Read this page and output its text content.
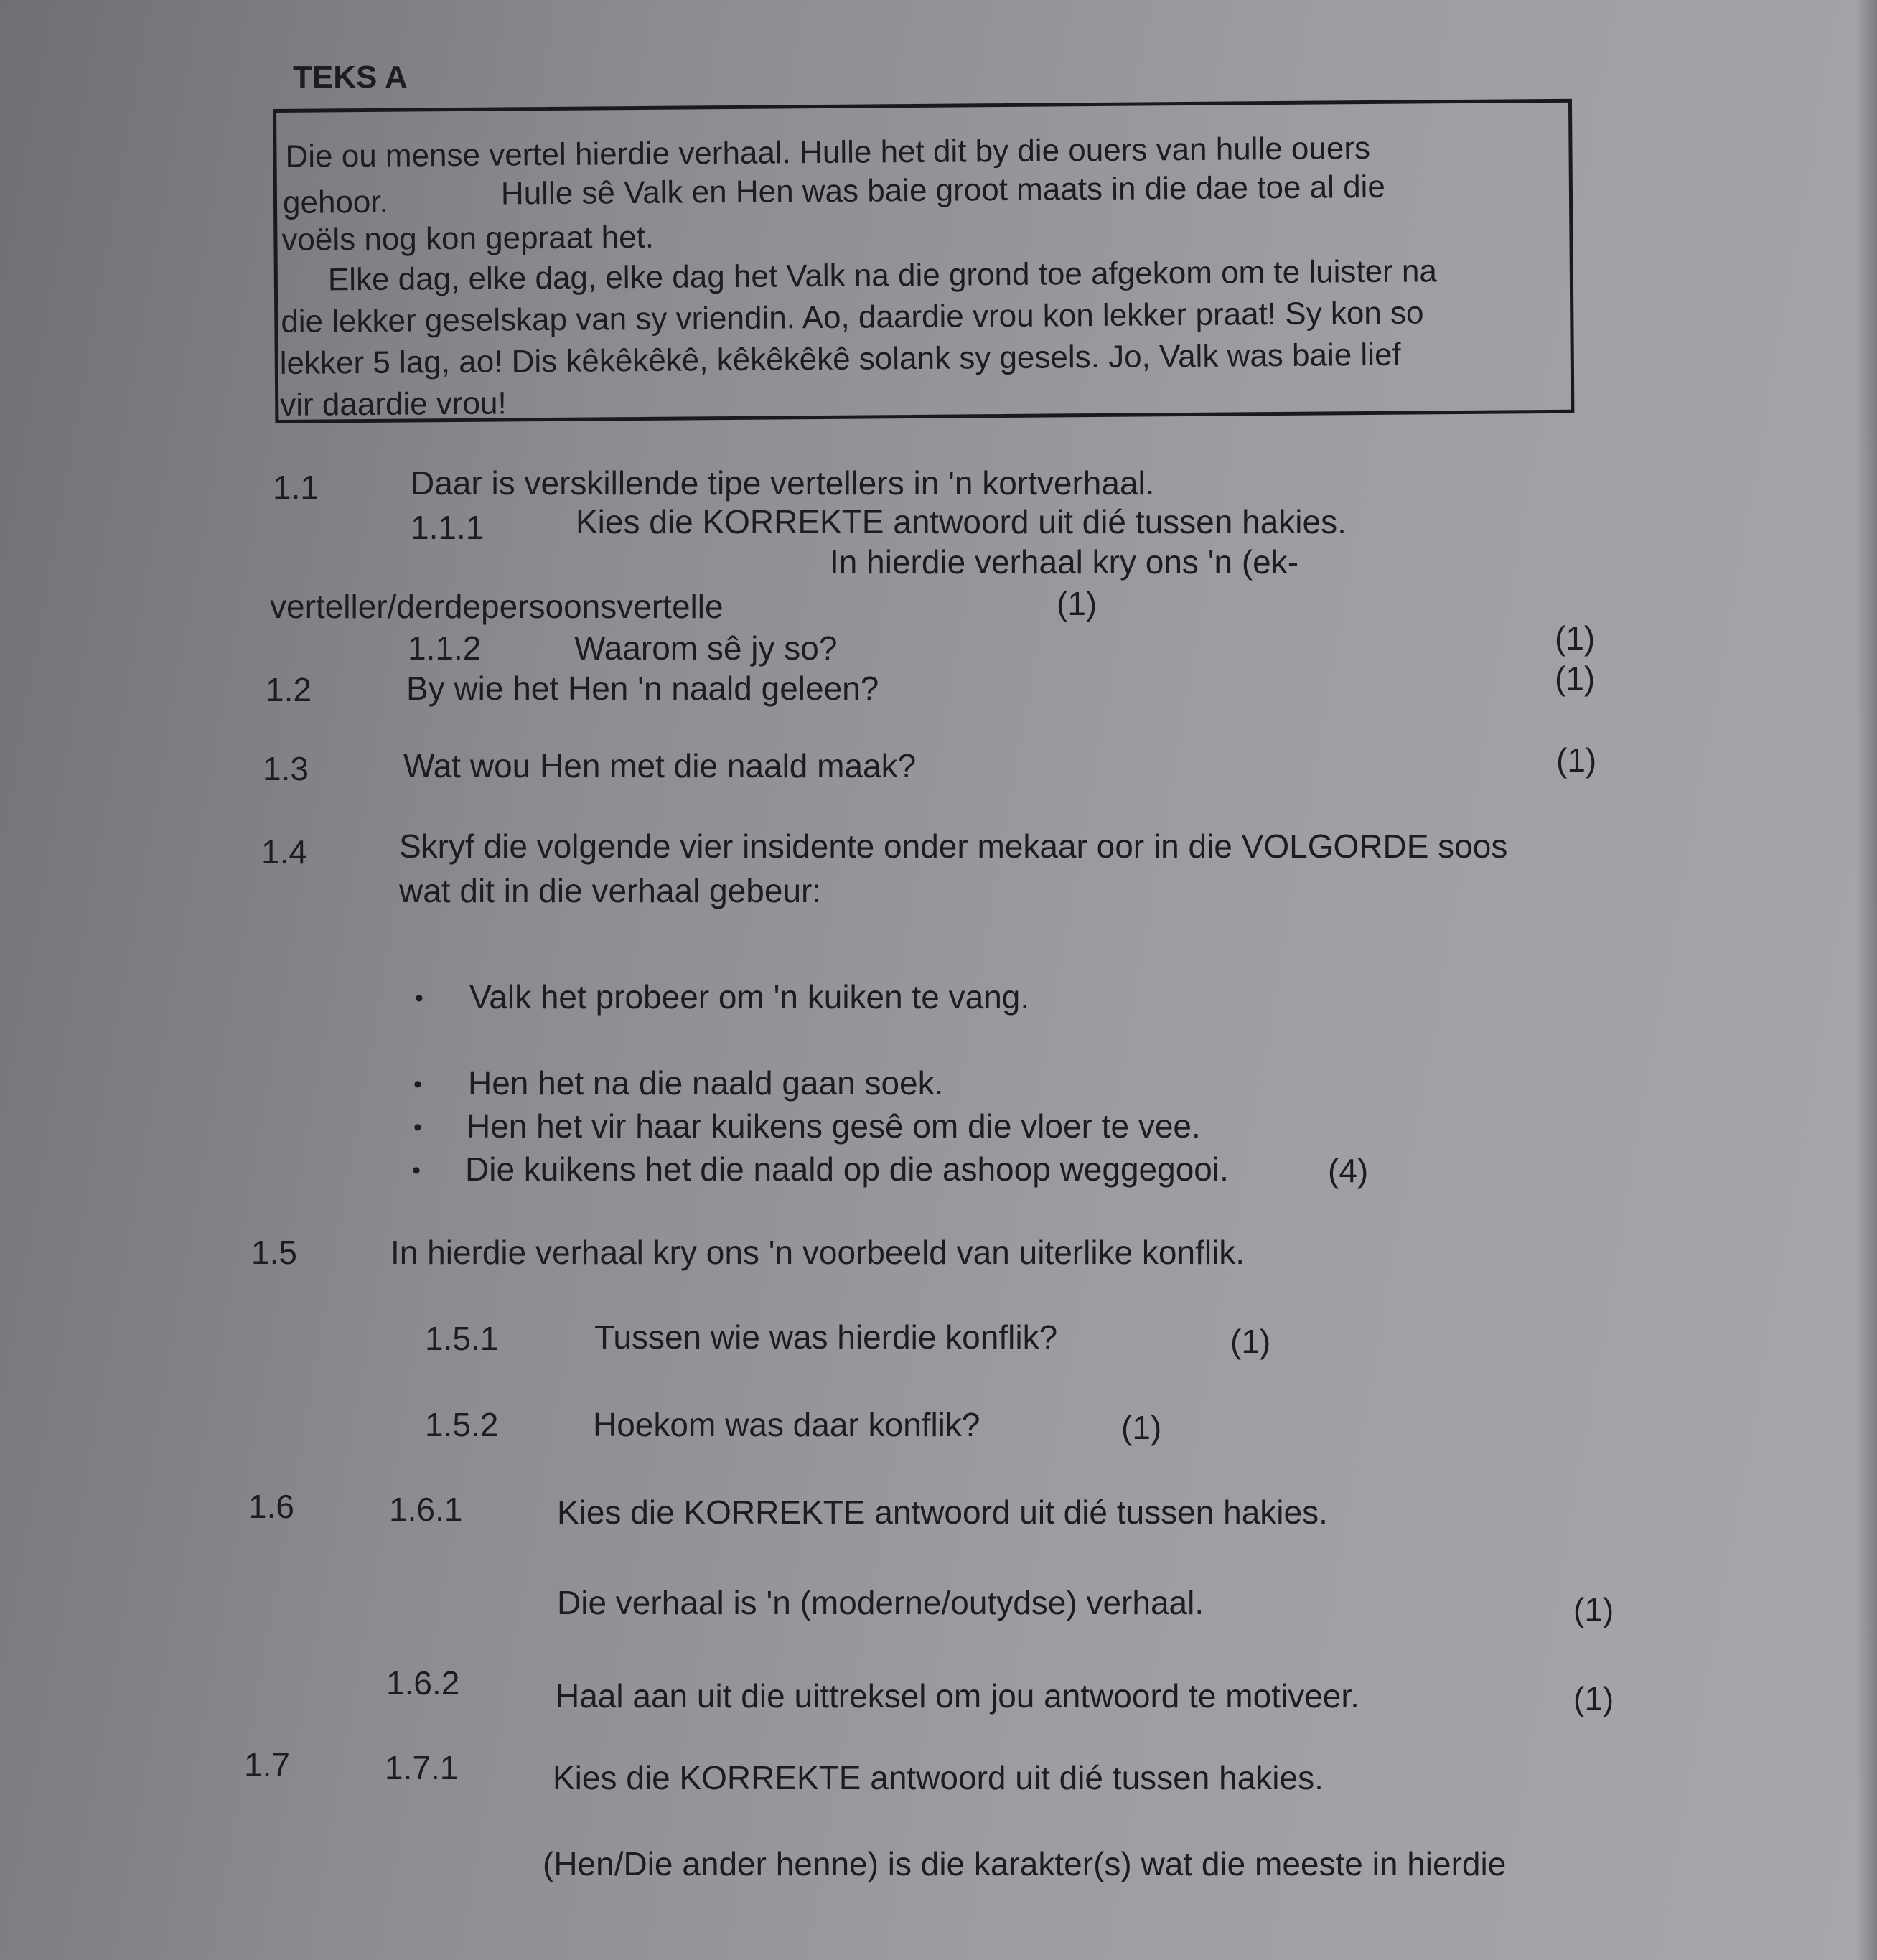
TEKS A
Die ou mense vertel hierdie verhaal. Hulle het dit by die ouers van hulle ouers
gehoor.	Hulle sê Valk en Hen was baie groot maats in die dae toe al die
voëls nog kon gepraat het.
Elke dag, elke dag, elke dag het Valk na die grond toe afgekom om te luister na
die lekker geselskap van sy vriendin. Ao, daardie vrou kon lekker praat! Sy kon so
lekker 5 lag, ao! Dis kêkêkêkê, kêkêkêkê solank sy gesels. Jo, Valk was baie lief
vir daardie vrou!
1.1	Daar is verskillende tipe vertellers in 'n kortverhaal.
1.1.1	Kies die KORREKTE antwoord uit dié tussen hakies.
In hierdie verhaal kry ons 'n (ek-
verteller/derdepersoonsvertelle	(1)
1.1.2	Waarom sê jy so?	(1)
1.2	By wie het Hen 'n naald geleen?	(1)
1.3	Wat wou Hen met die naald maak?	(1)
1.4	Skryf die volgende vier insidente onder mekaar oor in die VOLGORDE soos
wat dit in die verhaal gebeur:
• Valk het probeer om 'n kuiken te vang.
• Hen het na die naald gaan soek.
• Hen het vir haar kuikens gesê om die vloer te vee.
• Die kuikens het die naald op die ashoop weggegooi.	(4)
1.5	In hierdie verhaal kry ons 'n voorbeeld van uiterlike konflik.
1.5.1	Tussen wie was hierdie konflik?	(1)
1.5.2	Hoekom was daar konflik?	(1)
1.6	1.6.1	Kies die KORREKTE antwoord uit dié tussen hakies.
Die verhaal is 'n (moderne/outydse) verhaal.	(1)
1.6.2	Haal aan uit die uittreksel om jou antwoord te motiveer.	(1)
1.7	1.7.1	Kies die KORREKTE antwoord uit dié tussen hakies.
(Hen/Die ander henne) is die karakter(s) wat die meeste in hierdie
